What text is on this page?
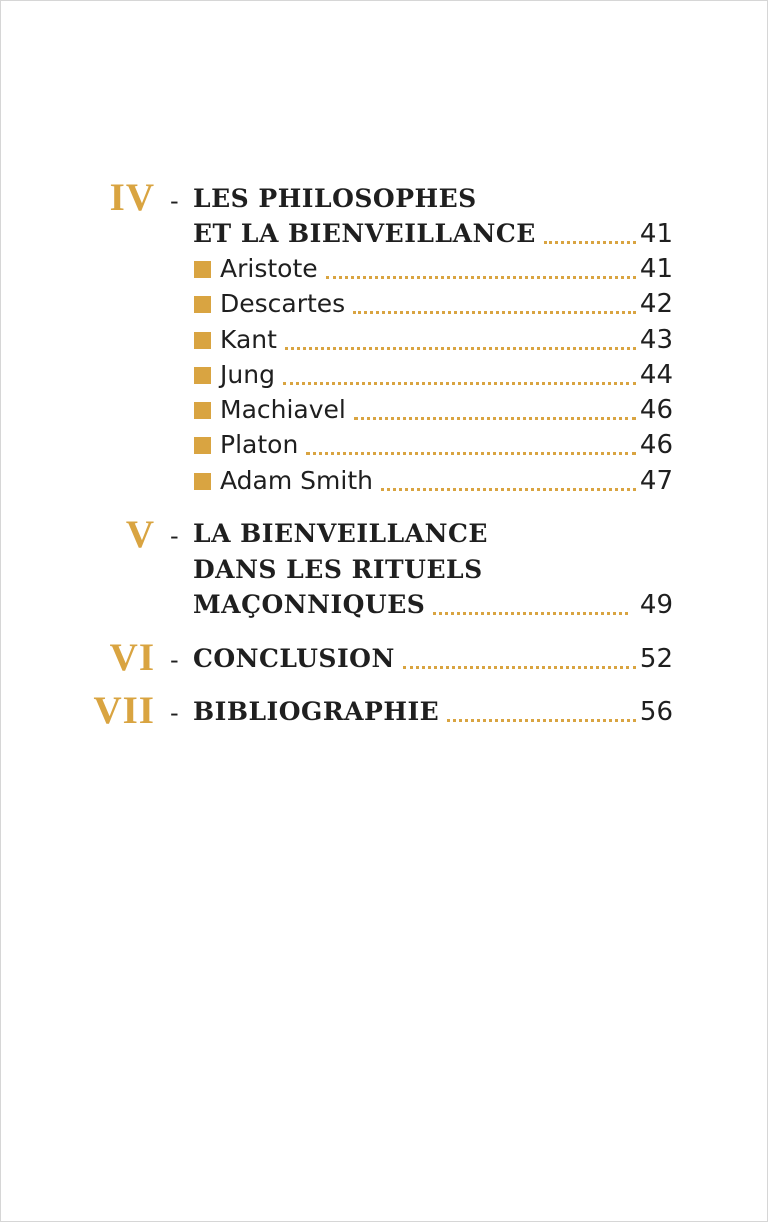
IV - LES PHILOSOPHES
ET LA BIENVEILLANCE	41
Aristote	41
Descartes	42
Kant	43
Jung	44
Machiavel	46
Platon	46
Adam Smith	47
V - LA BIENVEILLANCE
DANS LES RITUELS
MAÇONNIQUES	49
VI - CONCLUSION	52
VII - BIBLIOGRAPHIE	56
